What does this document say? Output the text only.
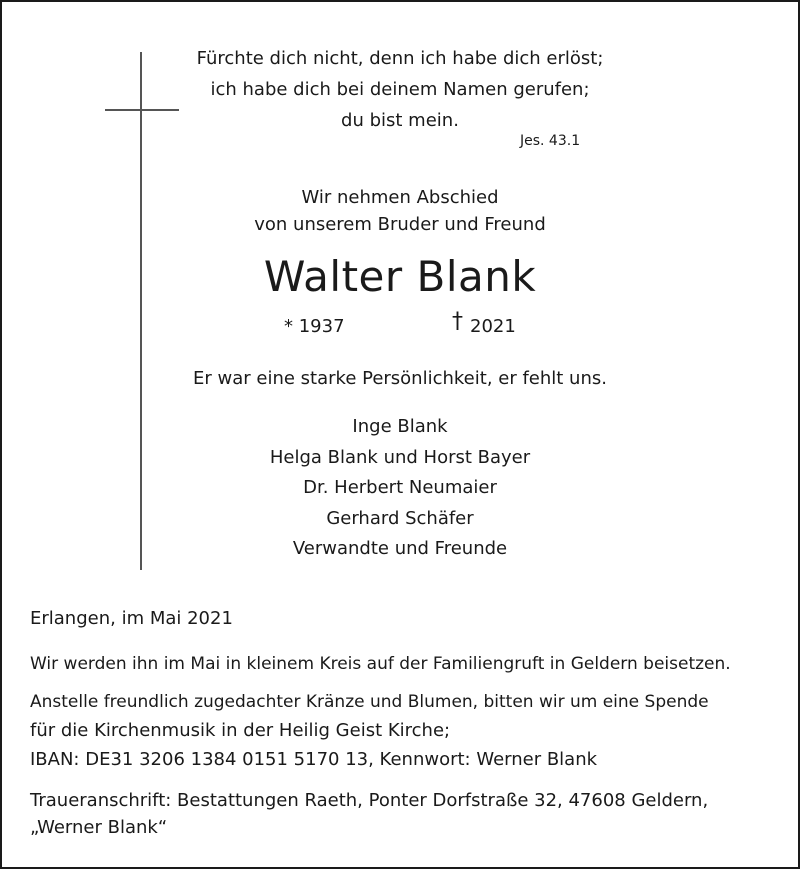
Fürchte dich nicht, denn ich habe dich erlöst;
ich habe dich bei deinem Namen gerufen;
du bist mein.
Jes. 43.1
Wir nehmen Abschied
von unserem Bruder und Freund
Walter Blank
* 1937	† 2021
Er war eine starke Persönlichkeit, er fehlt uns.
Inge Blank
Helga Blank und Horst Bayer
Dr. Herbert Neumaier
Gerhard Schäfer
Verwandte und Freunde
Erlangen, im Mai 2021
Wir werden ihn im Mai in kleinem Kreis auf der Familiengruft in Geldern beisetzen.
Anstelle freundlich zugedachter Kränze und Blumen, bitten wir um eine Spende
für die Kirchenmusik in der Heilig Geist Kirche;
IBAN: DE31 3206 1384 0151 5170 13, Kennwort: Werner Blank
Traueranschrift: Bestattungen Raeth, Ponter Dorfstraße 32, 47608 Geldern,
„Werner Blank“
